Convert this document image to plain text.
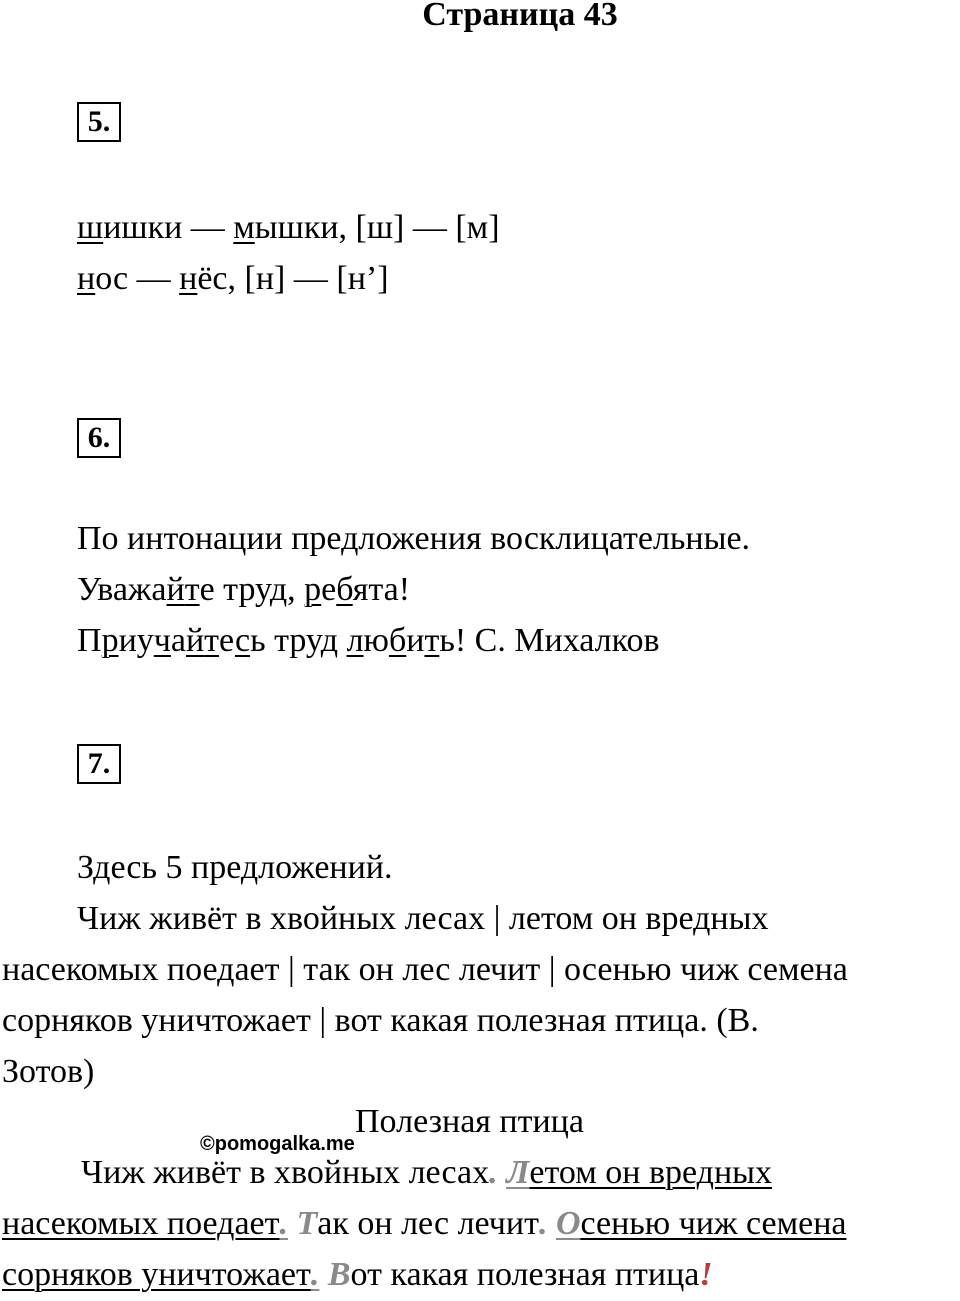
Страница 43
5.
шишки — мышки, [ш] — [м]
нос — нёс, [н] — [н’]
6.
По интонации предложения восклицательные.
Уважайте труд, ребята!
Приучайтесь труд любить! С. Михалков
7.
Здесь 5 предложений.
Чиж живёт в хвойных лесах | летом он вредных
насекомых поедает | так он лес лечит | осенью чиж семена
сорняков уничтожает | вот какая полезная птица. (В.
Зотов)
Полезная птица
©pomogalka.me
Чиж живёт в хвойных лесах. Летом он вредных
насекомых поедает. Так он лес лечит. Осенью чиж семена
сорняков уничтожает. Вот какая полезная птица!
